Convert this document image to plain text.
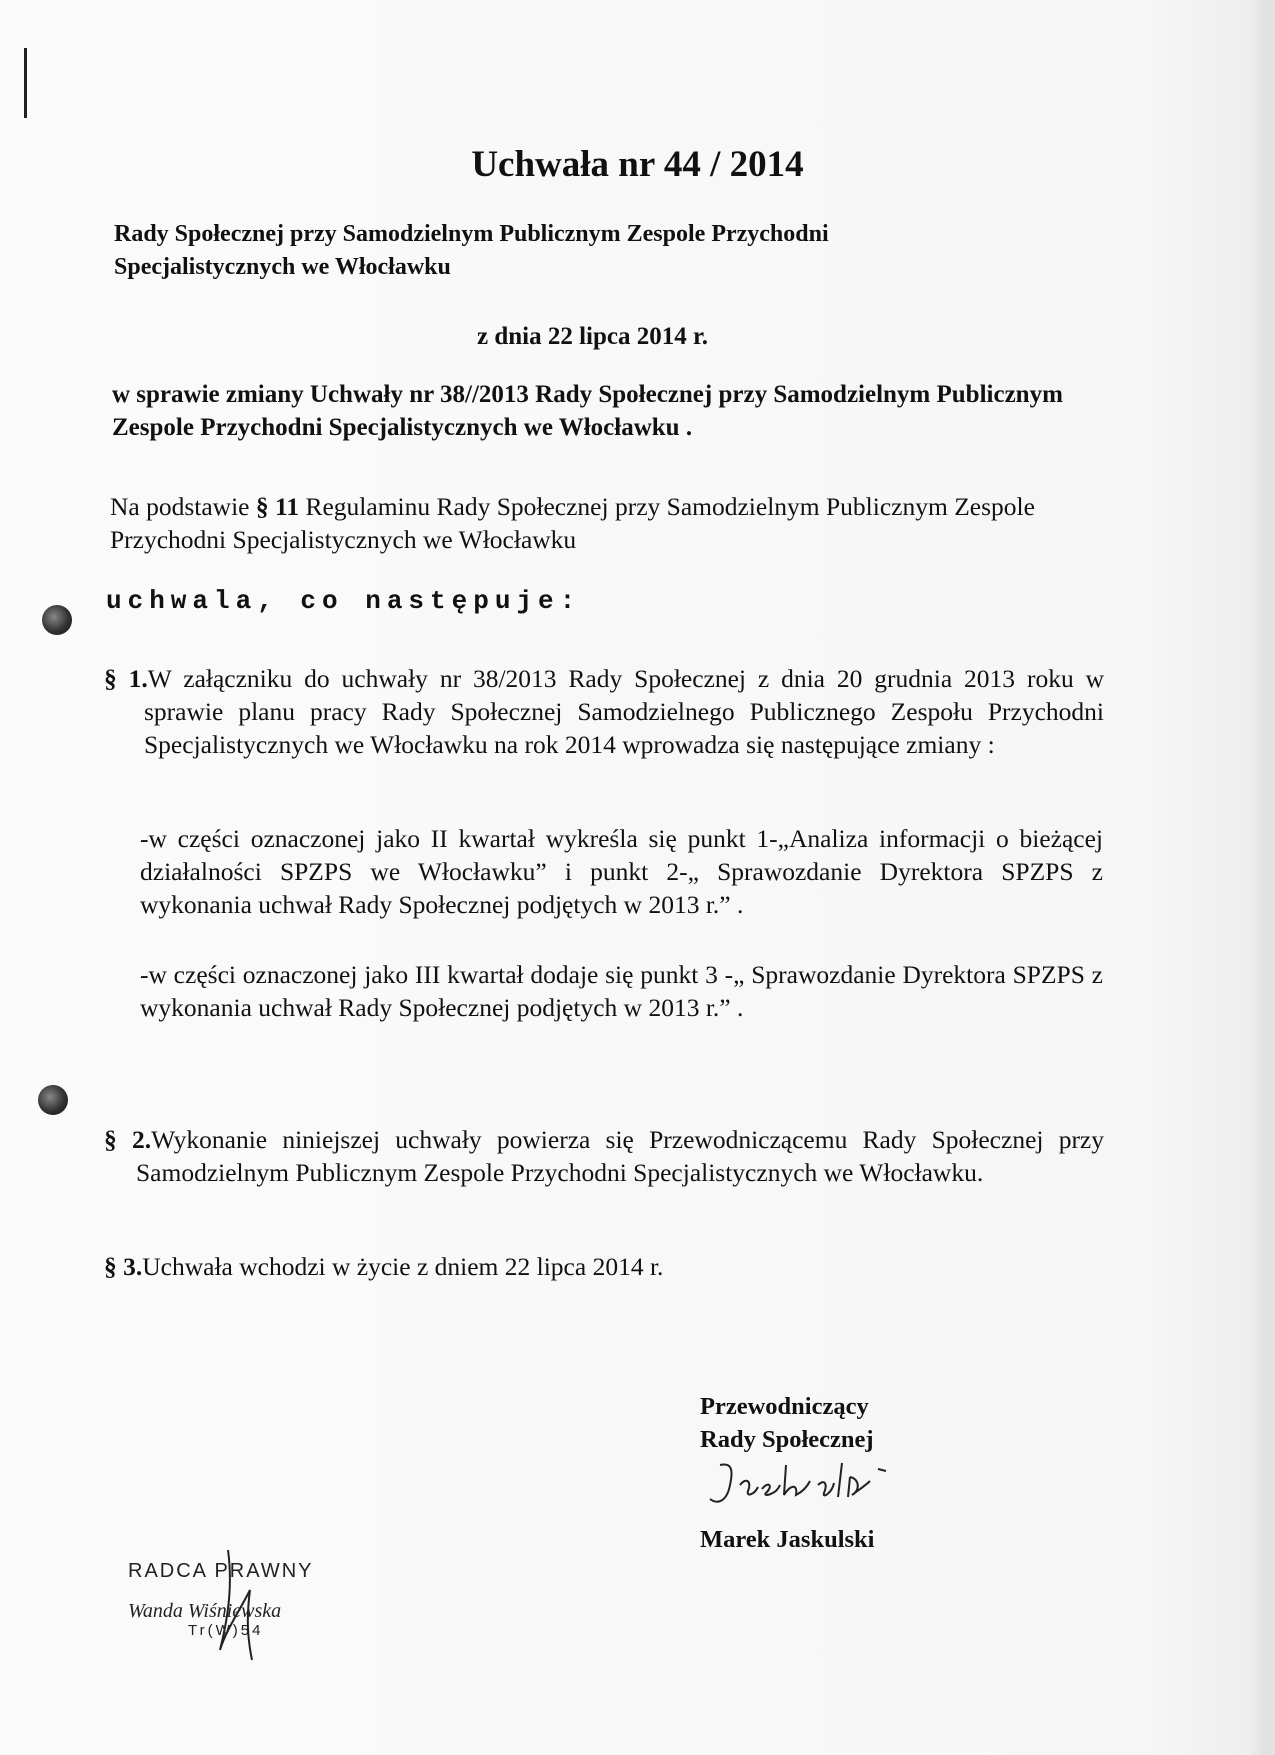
Uchwała nr 44 / 2014
Rady Społecznej przy Samodzielnym Publicznym Zespole Przychodni Specjalistycznych we Włocławku
z dnia 22 lipca 2014 r.
w sprawie zmiany Uchwały nr 38//2013 Rady Społecznej przy Samodzielnym Publicznym Zespole Przychodni Specjalistycznych we Włocławku .
Na podstawie § 11 Regulaminu Rady Społecznej przy Samodzielnym Publicznym Zespole Przychodni Specjalistycznych we Włocławku
uchwala, co następuje:
§ 1.W załączniku do uchwały nr 38/2013 Rady Społecznej z dnia 20 grudnia 2013 roku w sprawie planu pracy Rady Społecznej Samodzielnego Publicznego Zespołu Przychodni Specjalistycznych we Włocławku na rok 2014 wprowadza się następujące zmiany :
-w części oznaczonej jako II kwartał wykreśla się punkt 1-„Analiza informacji o bieżącej działalności SPZPS we Włocławku” i punkt 2-„ Sprawozdanie Dyrektora SPZPS z wykonania uchwał Rady Społecznej podjętych w 2013 r.” .
-w części oznaczonej jako III kwartał dodaje się punkt 3 -„ Sprawozdanie Dyrektora SPZPS z wykonania uchwał Rady Społecznej podjętych w 2013 r.” .
§ 2.Wykonanie niniejszej uchwały powierza się Przewodniczącemu Rady Społecznej przy Samodzielnym Publicznym Zespole Przychodni Specjalistycznych we Włocławku.
§ 3.Uchwała wchodzi w życie z dniem 22 lipca 2014 r.
Przewodniczący
Rady Społecznej
Marek Jaskulski
RADCA PRAWNY
Wanda Wiśniewska
Tr(W)54
